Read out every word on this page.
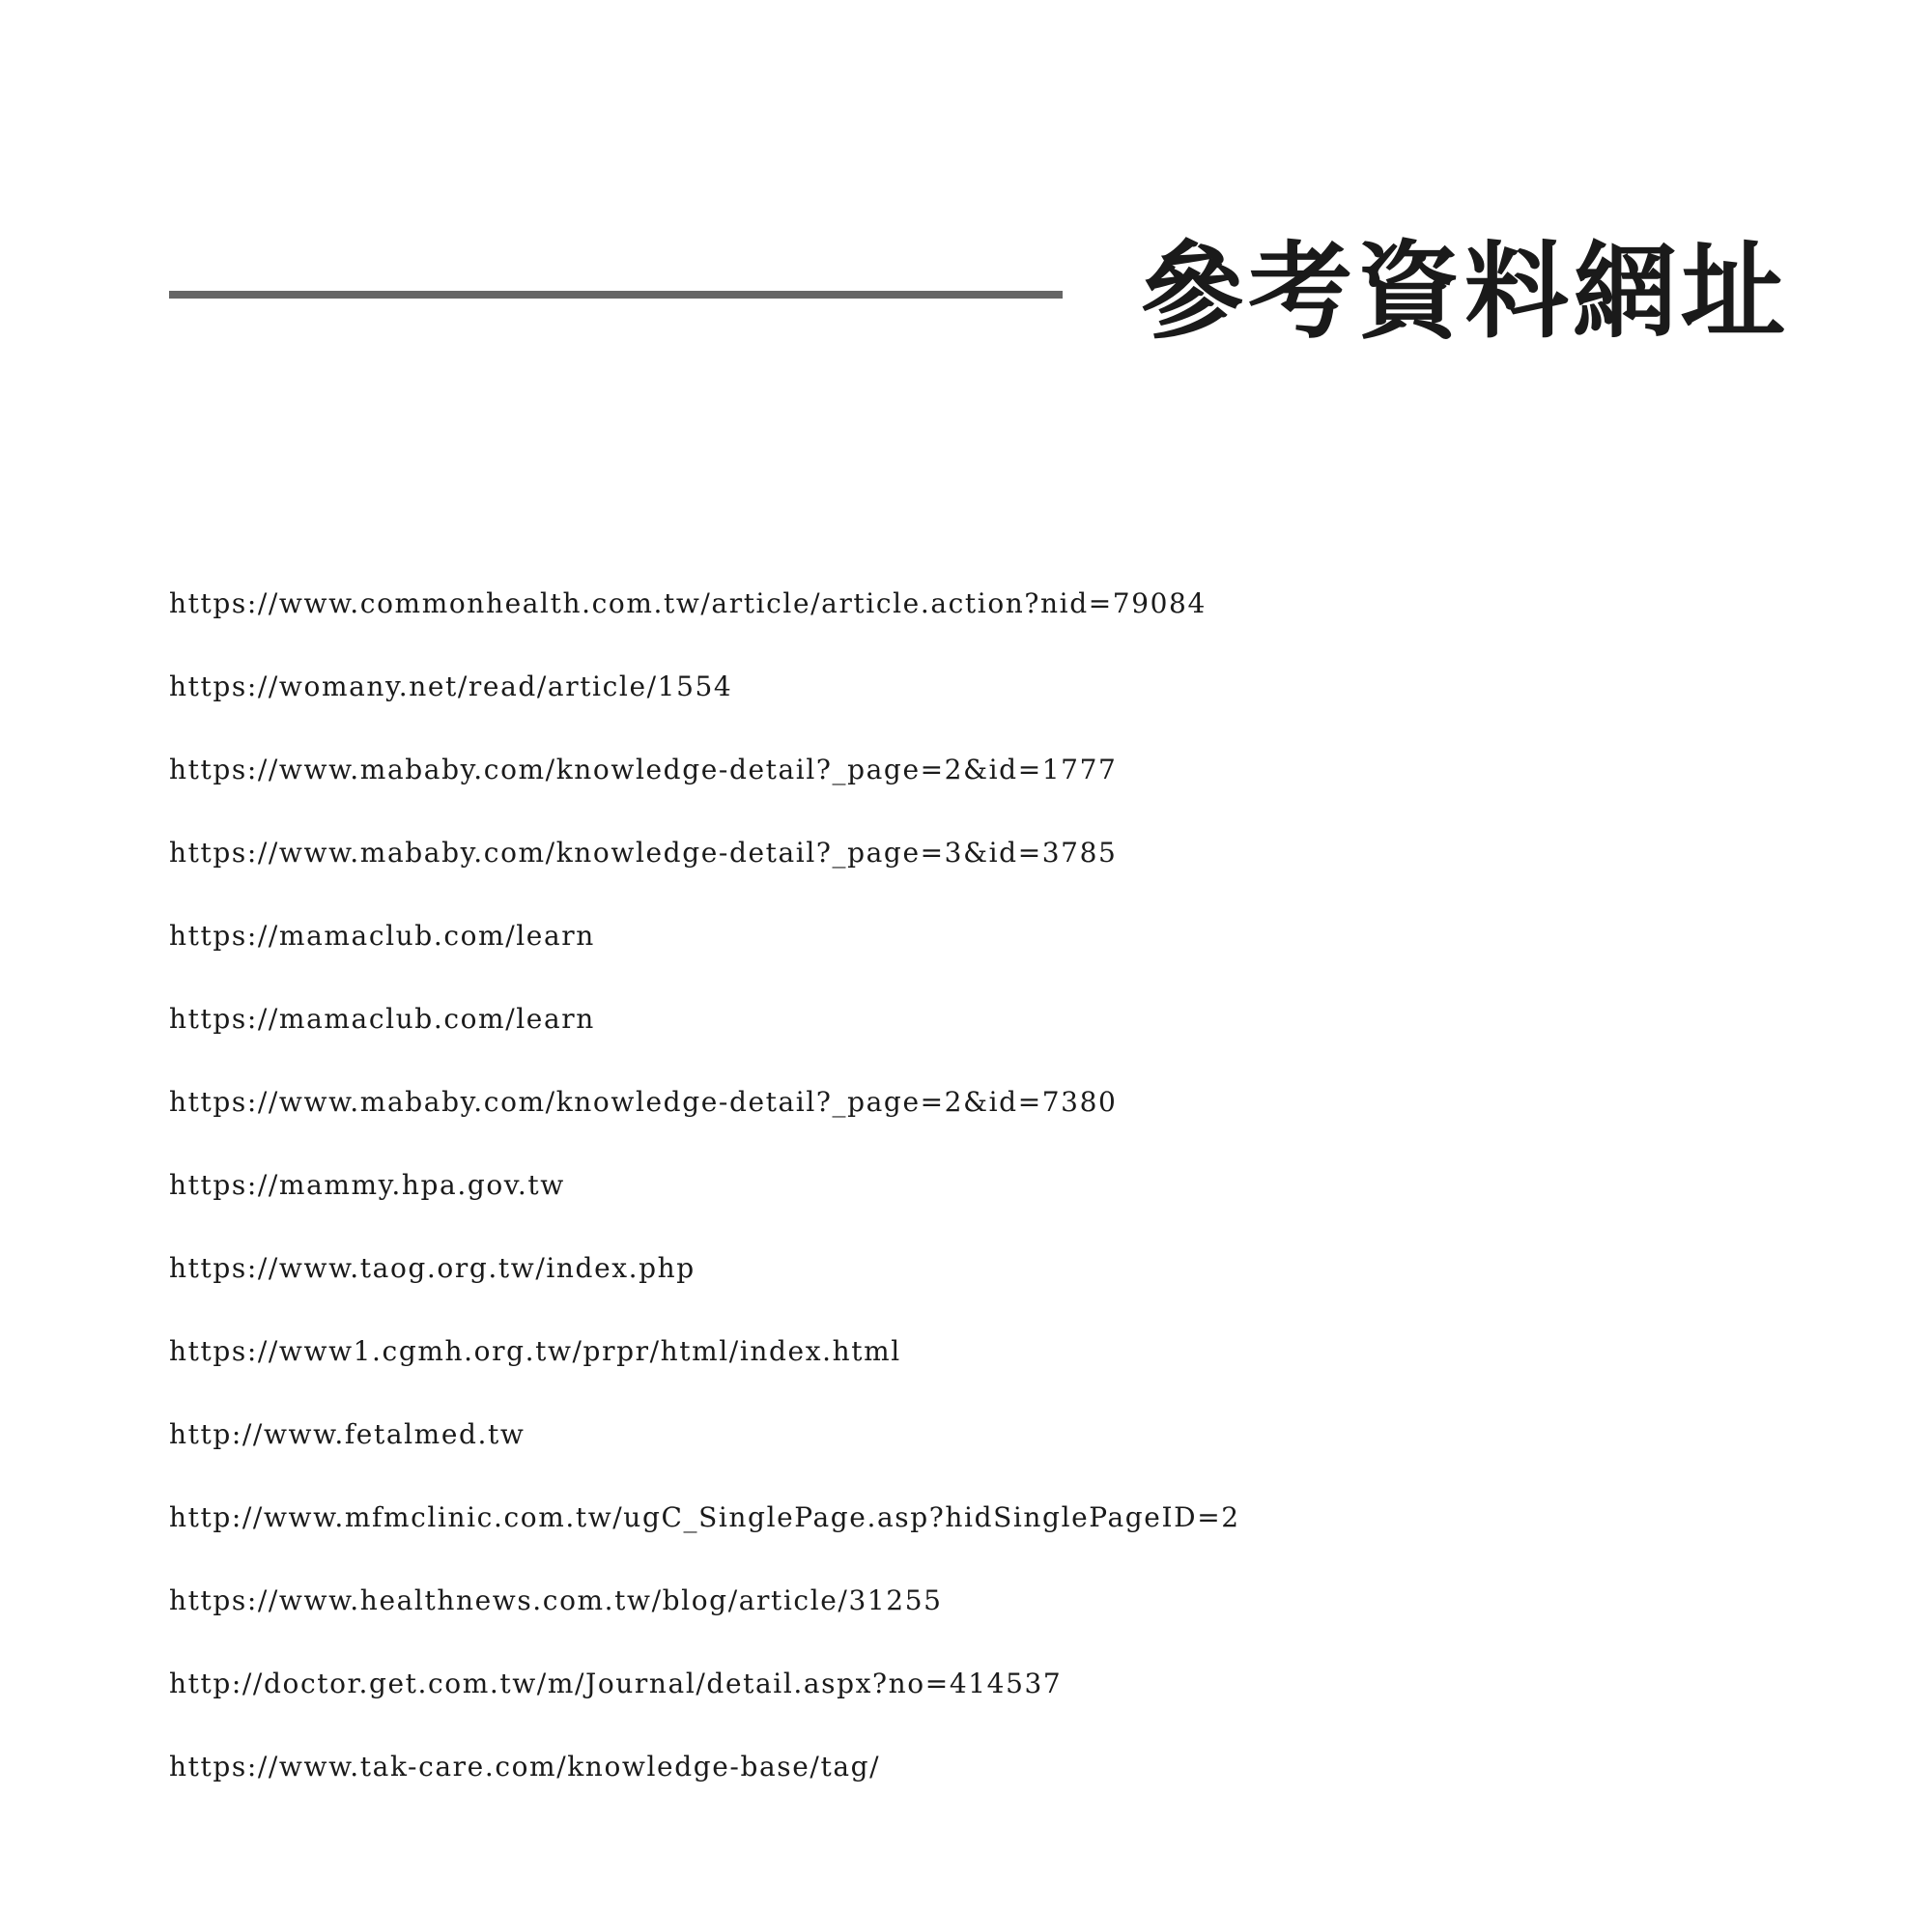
參考資料網址
https://www.commonhealth.com.tw/article/article.action?nid=79084
https://womany.net/read/article/1554
https://www.mababy.com/knowledge-detail?_page=2&id=1777
https://www.mababy.com/knowledge-detail?_page=3&id=3785
https://mamaclub.com/learn
https://mamaclub.com/learn
https://www.mababy.com/knowledge-detail?_page=2&id=7380
https://mammy.hpa.gov.tw
https://www.taog.org.tw/index.php
https://www1.cgmh.org.tw/prpr/html/index.html
http://www.fetalmed.tw
http://www.mfmclinic.com.tw/ugC_SinglePage.asp?hidSinglePageID=2
https://www.healthnews.com.tw/blog/article/31255
http://doctor.get.com.tw/m/Journal/detail.aspx?no=414537
https://www.tak-care.com/knowledge-base/tag/
